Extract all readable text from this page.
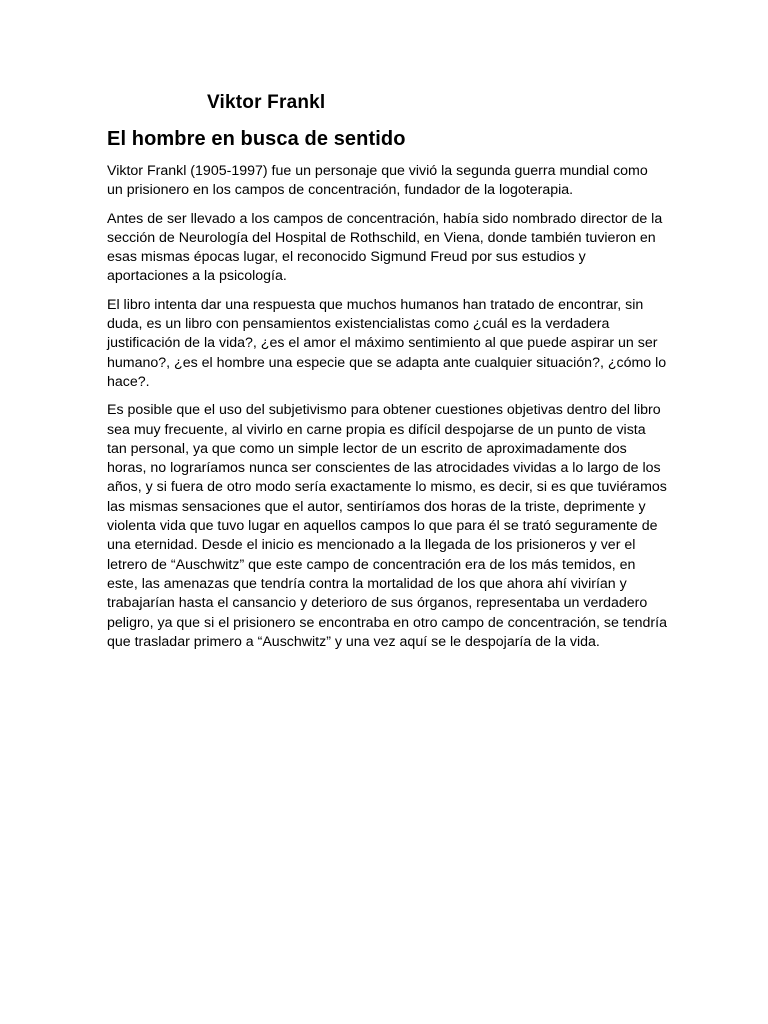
Viktor Frankl
El hombre en busca de sentido

Viktor Frankl (1905-1997) fue un personaje que vivió la segunda guerra mundial como un prisionero en los campos de concentración, fundador de la logoterapia.

Antes de ser llevado a los campos de concentración, había sido nombrado director de la sección de Neurología del Hospital de Rothschild, en Viena, donde también tuvieron en esas mismas épocas lugar, el reconocido Sigmund Freud por sus estudios y aportaciones a la psicología.

El libro intenta dar una respuesta que muchos humanos han tratado de encontrar, sin duda, es un libro con pensamientos existencialistas como ¿cuál es la verdadera justificación de la vida?, ¿es el amor el máximo sentimiento al que puede aspirar un ser humano?, ¿es el hombre una especie que se adapta ante cualquier situación?, ¿cómo lo hace?.

Es posible que el uso del subjetivismo para obtener cuestiones objetivas dentro del libro sea muy frecuente, al vivirlo en carne propia es difícil despojarse de un punto de vista tan personal, ya que como un simple lector de un escrito de aproximadamente dos horas, no lograríamos nunca ser conscientes de las atrocidades vividas a lo largo de los años, y si fuera de otro modo sería exactamente lo mismo, es decir, si es que tuviéramos las mismas sensaciones que el autor, sentiríamos dos horas de la triste, deprimente y violenta vida que tuvo lugar en aquellos campos lo que para él se trató seguramente de una eternidad. Desde el inicio es mencionado a la llegada de los prisioneros y ver el letrero de “Auschwitz” que este campo de concentración era de los más temidos, en este, las amenazas que tendría contra la mortalidad de los que ahora ahí vivirían y trabajarían hasta el cansancio y deterioro de sus órganos, representaba un verdadero peligro, ya que si el prisionero se encontraba en otro campo de concentración, se tendría que trasladar primero a “Auschwitz” y una vez aquí se le despojaría de la vida.
